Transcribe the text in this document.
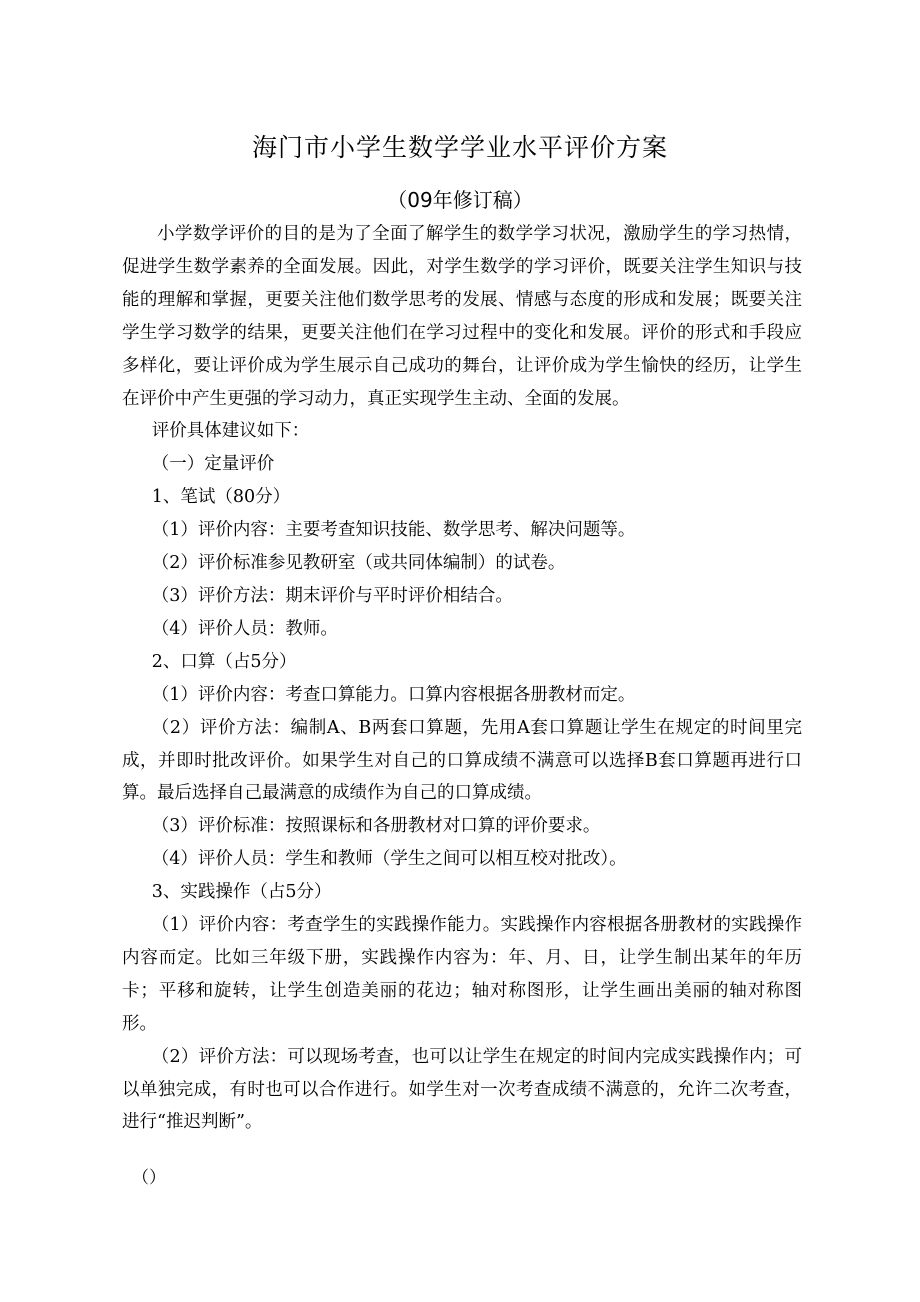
海门市小学生数学学业水平评价方案
（09年修订稿）

小学数学评价的目的是为了全面了解学生的数学学习状况，激励学生的学习热情，促进学生数学素养的全面发展。因此，对学生数学的学习评价，既要关注学生知识与技能的理解和掌握，更要关注他们数学思考的发展、情感与态度的形成和发展；既要关注学生学习数学的结果，更要关注他们在学习过程中的变化和发展。评价的形式和手段应多样化，要让评价成为学生展示自己成功的舞台，让评价成为学生愉快的经历，让学生在评价中产生更强的学习动力，真正实现学生主动、全面的发展。

评价具体建议如下：

（一）定量评价

1、笔试（80分）

（1）评价内容：主要考查知识技能、数学思考、解决问题等。

（2）评价标准参见教研室（或共同体编制）的试卷。

（3）评价方法：期末评价与平时评价相结合。

（4）评价人员：教师。

2、口算（占5分）

（1）评价内容：考查口算能力。口算内容根据各册教材而定。

（2）评价方法：编制A、B两套口算题，先用A套口算题让学生在规定的时间里完成，并即时批改评价。如果学生对自己的口算成绩不满意可以选择B套口算题再进行口算。最后选择自己最满意的成绩作为自己的口算成绩。

（3）评价标准：按照课标和各册教材对口算的评价要求。

（4）评价人员：学生和教师（学生之间可以相互校对批改）。

3、实践操作（占5分）

（1）评价内容：考查学生的实践操作能力。实践操作内容根据各册教材的实践操作内容而定。比如三年级下册，实践操作内容为：年、月、日，让学生制出某年的年历卡；平移和旋转，让学生创造美丽的花边；轴对称图形，让学生画出美丽的轴对称图形。

（2）评价方法：可以现场考查，也可以让学生在规定的时间内完成实践操作内；可以单独完成，有时也可以合作进行。如学生对一次考查成绩不满意的，允许二次考查，进行“推迟判断”。

（）
